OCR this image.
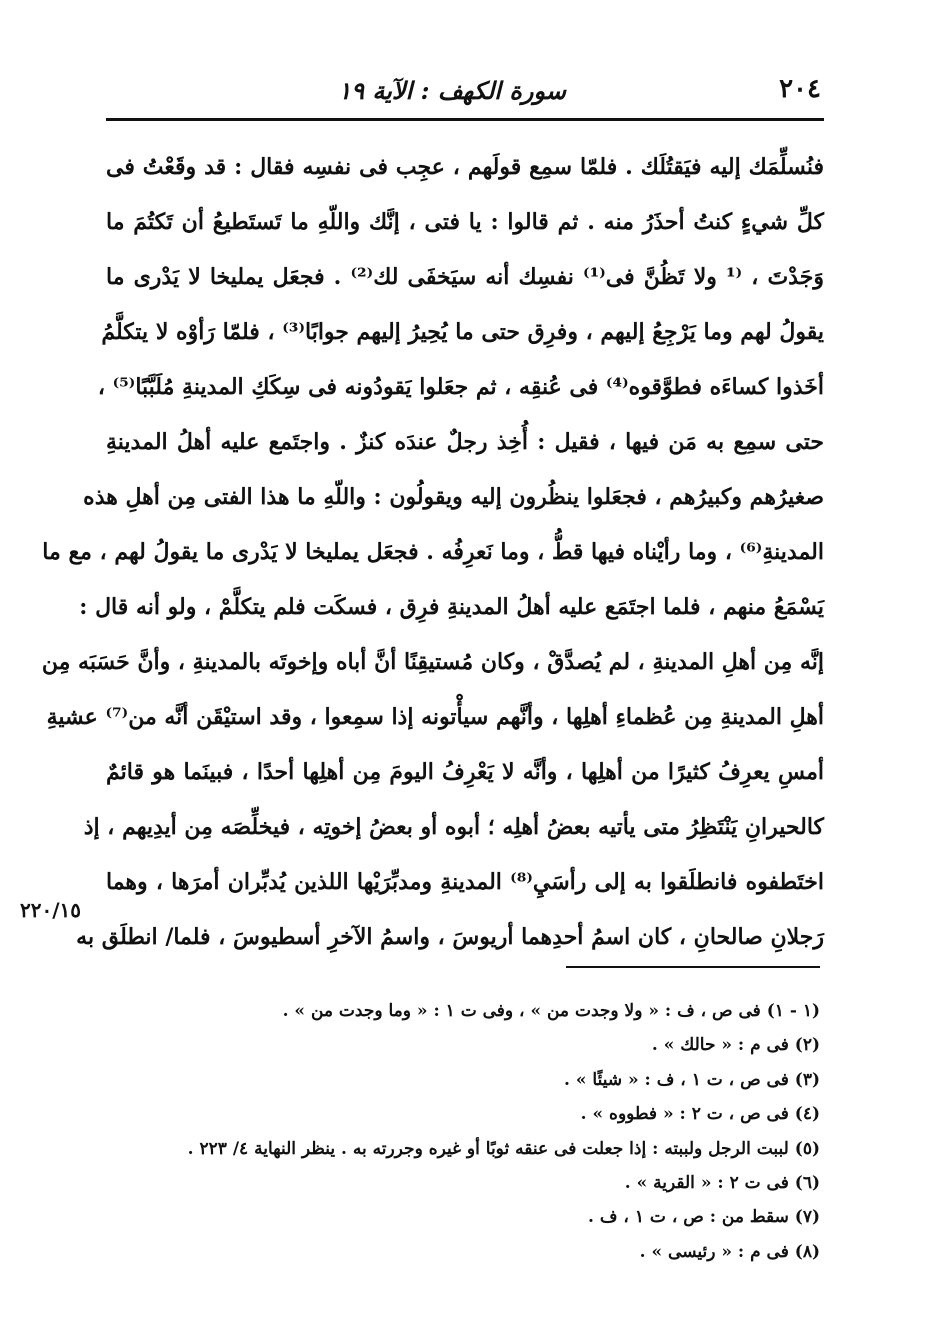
٢٠٤
سورة الكهف : الآية ١٩
فنُسلِّمَك إليه فيَقتُلَك . فلمّا سمِع قولَهم ، عجِب فى نفسِه فقال : قد وقَعْتُ فى
كلِّ شيءٍ كنتُ أحذَرُ منه . ثم قالوا : يا فتى ، إنَّك واللّهِ ما تَستَطيعُ أن تَكتُمَ ما
وَجَدْتَ ، ⁽¹ ولا تَظُنَّ فى⁽¹⁾ نفسِك أنه سيَخفَى لك⁽²⁾ . فجعَل يمليخا لا يَدْرى ما
يقولُ لهم وما يَرْجِعُ إليهم ، وفرِق حتى ما يُحِيرُ إليهم جوابًا⁽³⁾ ، فلمّا رَأوْه لا يتكلَّمُ
أخَذوا كساءَه فطوَّقوه⁽⁴⁾ فى عُنقِه ، ثم جعَلوا يَقودُونه فى سِكَكِ المدينةِ مُلَبَّبًا⁽⁵⁾ ،
حتى سمِع به مَن فيها ، فقيل : أُخِذ رجلٌ عندَه كنزٌ . واجتَمع عليه أهلُ المدينةِ
صغيرُهم وكبيرُهم ، فجعَلوا ينظُرون إليه ويقولُون : واللّهِ ما هذا الفتى مِن أهلِ هذه
المدينةِ⁽⁶⁾ ، وما رأيْناه فيها قطُّ ، وما نَعرِفُه . فجعَل يمليخا لا يَدْرى ما يقولُ لهم ، مع ما
يَسْمَعُ منهم ، فلما اجتَمَع عليه أهلُ المدينةِ فرِق ، فسكَت فلم يتكلَّمْ ، ولو أنه قال :
إنَّه مِن أهلِ المدينةِ ، لم يُصدَّقْ ، وكان مُستيقِنًا أنَّ أباه وإخوتَه بالمدينةِ ، وأنَّ حَسَبَه مِن
أهلِ المدينةِ مِن عُظماءِ أهلِها ، وأنَّهم سيأْتونه إذا سمِعوا ، وقد استيْقَن أنَّه من⁽⁷⁾ عشيةِ
أمسِ يعرِفُ كثيرًا من أهلِها ، وأنَّه لا يَعْرِفُ اليومَ مِن أهلِها أحدًا ، فبينَما هو قائمٌ
كالحيرانِ يَنْتَظِرُ متى يأتيه بعضُ أهلِه ؛ أبوه أو بعضُ إخوتِه ، فيخلِّصَه مِن أيدِيهم ، إذ
اختَطفوه فانطلَقوا به إلى رأسَيِ⁽⁸⁾ المدينةِ ومدبِّرَيْها اللذين يُدبِّران أمرَها ، وهما
رَجلانِ صالحانِ ، كان اسمُ أحدِهما أريوسَ ، واسمُ الآخرِ أسطيوسَ ، فلما/ انطلَق به
٢٢٠/١٥
(١ - ١) فى ص ، ف : « ولا وجدت من » ، وفى ت ١ : « وما وجدت من » .
(٢) فى م : « حالك » .
(٣) فى ص ، ت ١ ، ف : « شيئًا » .
(٤) فى ص ، ت ٢ : « فطووه » .
(٥) لببت الرجل ولببته : إذا جعلت فى عنقه ثوبًا أو غيره وجررته به . ينظر النهاية ٤/ ٢٢٣ .
(٦) فى ت ٢ : « القرية » .
(٧) سقط من : ص ، ت ١ ، ف .
(٨) فى م : « رئيسى » .
